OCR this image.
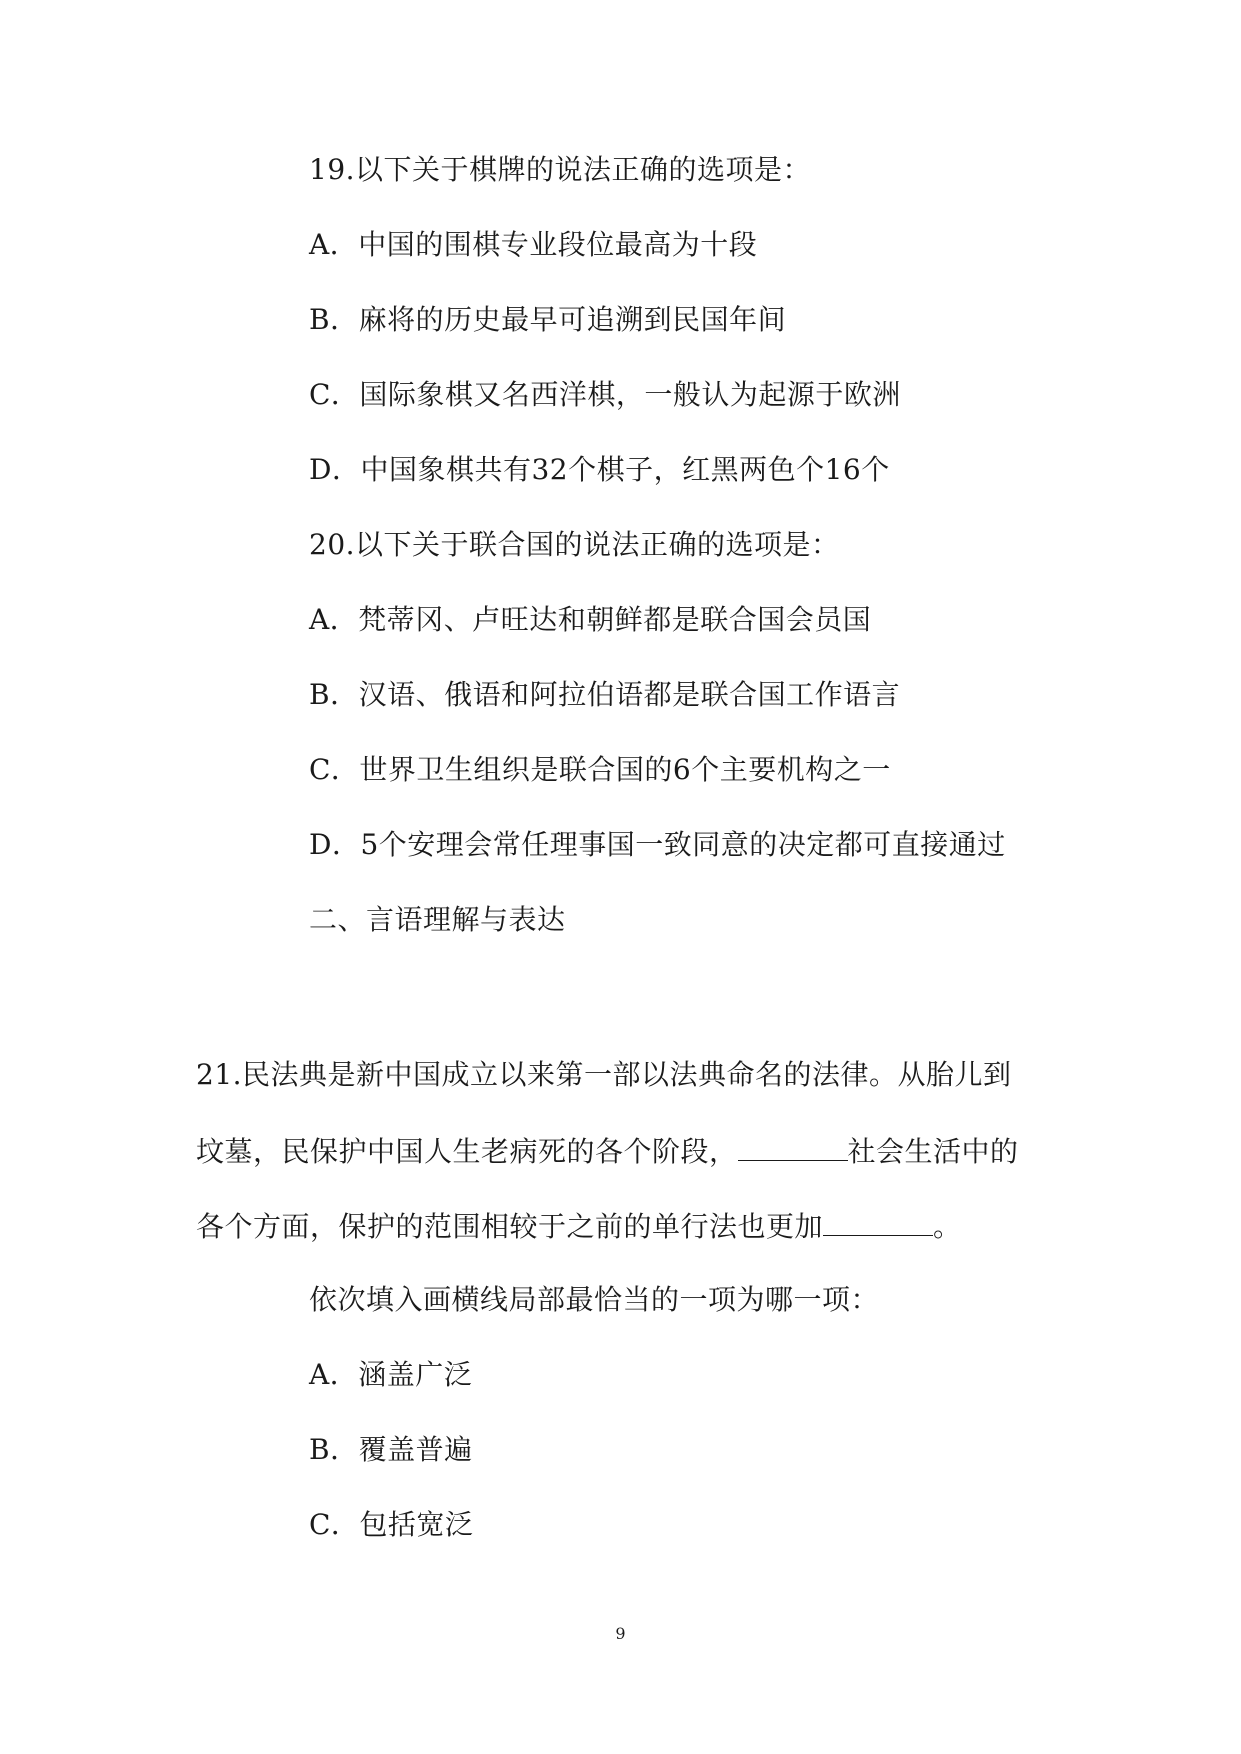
19.以下关于棋牌的说法正确的选项是：
A．中国的围棋专业段位最高为十段
B．麻将的历史最早可追溯到民国年间
C．国际象棋又名西洋棋，一般认为起源于欧洲
D．中国象棋共有32个棋子，红黑两色个16个
20.以下关于联合国的说法正确的选项是：
A．梵蒂冈、卢旺达和朝鲜都是联合国会员国
B．汉语、俄语和阿拉伯语都是联合国工作语言
C．世界卫生组织是联合国的6个主要机构之一
D．5个安理会常任理事国一致同意的决定都可直接通过
二、言语理解与表达
21.民法典是新中国成立以来第一部以法典命名的法律。从胎儿到
坟墓，民保护中国人生老病死的各个阶段，	社会生活中的
各个方面，保护的范围相较于之前的单行法也更加	。
依次填入画横线局部最恰当的一项为哪一项：
A．涵盖广泛
B．覆盖普遍
C．包括宽泛
9
